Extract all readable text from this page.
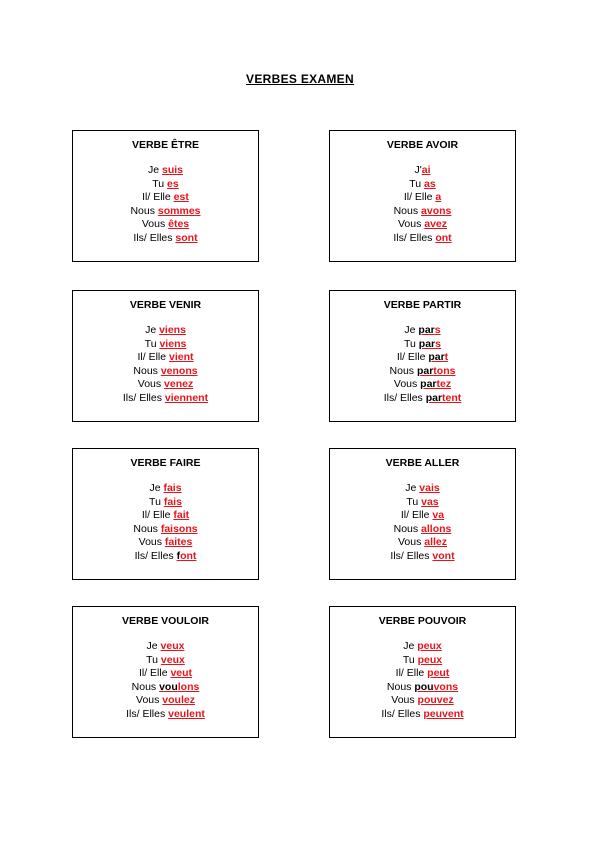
VERBES EXAMEN
VERBE ÊTRE
Je suis
Tu es
Il/ Elle est
Nous sommes
Vous êtes
Ils/ Elles sont
VERBE AVOIR
J'ai
Tu as
Il/ Elle a
Nous avons
Vous avez
Ils/ Elles ont
VERBE VENIR
Je viens
Tu viens
Il/ Elle vient
Nous venons
Vous venez
Ils/ Elles viennent
VERBE PARTIR
Je pars
Tu pars
Il/ Elle part
Nous partons
Vous partez
Ils/ Elles partent
VERBE FAIRE
Je fais
Tu fais
Il/ Elle fait
Nous faisons
Vous faites
Ils/ Elles font
VERBE ALLER
Je vais
Tu vas
Il/ Elle va
Nous allons
Vous allez
Ils/ Elles vont
VERBE VOULOIR
Je veux
Tu veux
Il/ Elle veut
Nous voulons
Vous voulez
Ils/ Elles veulent
VERBE POUVOIR
Je peux
Tu peux
Il/ Elle peut
Nous pouvons
Vous pouvez
Ils/ Elles peuvent
